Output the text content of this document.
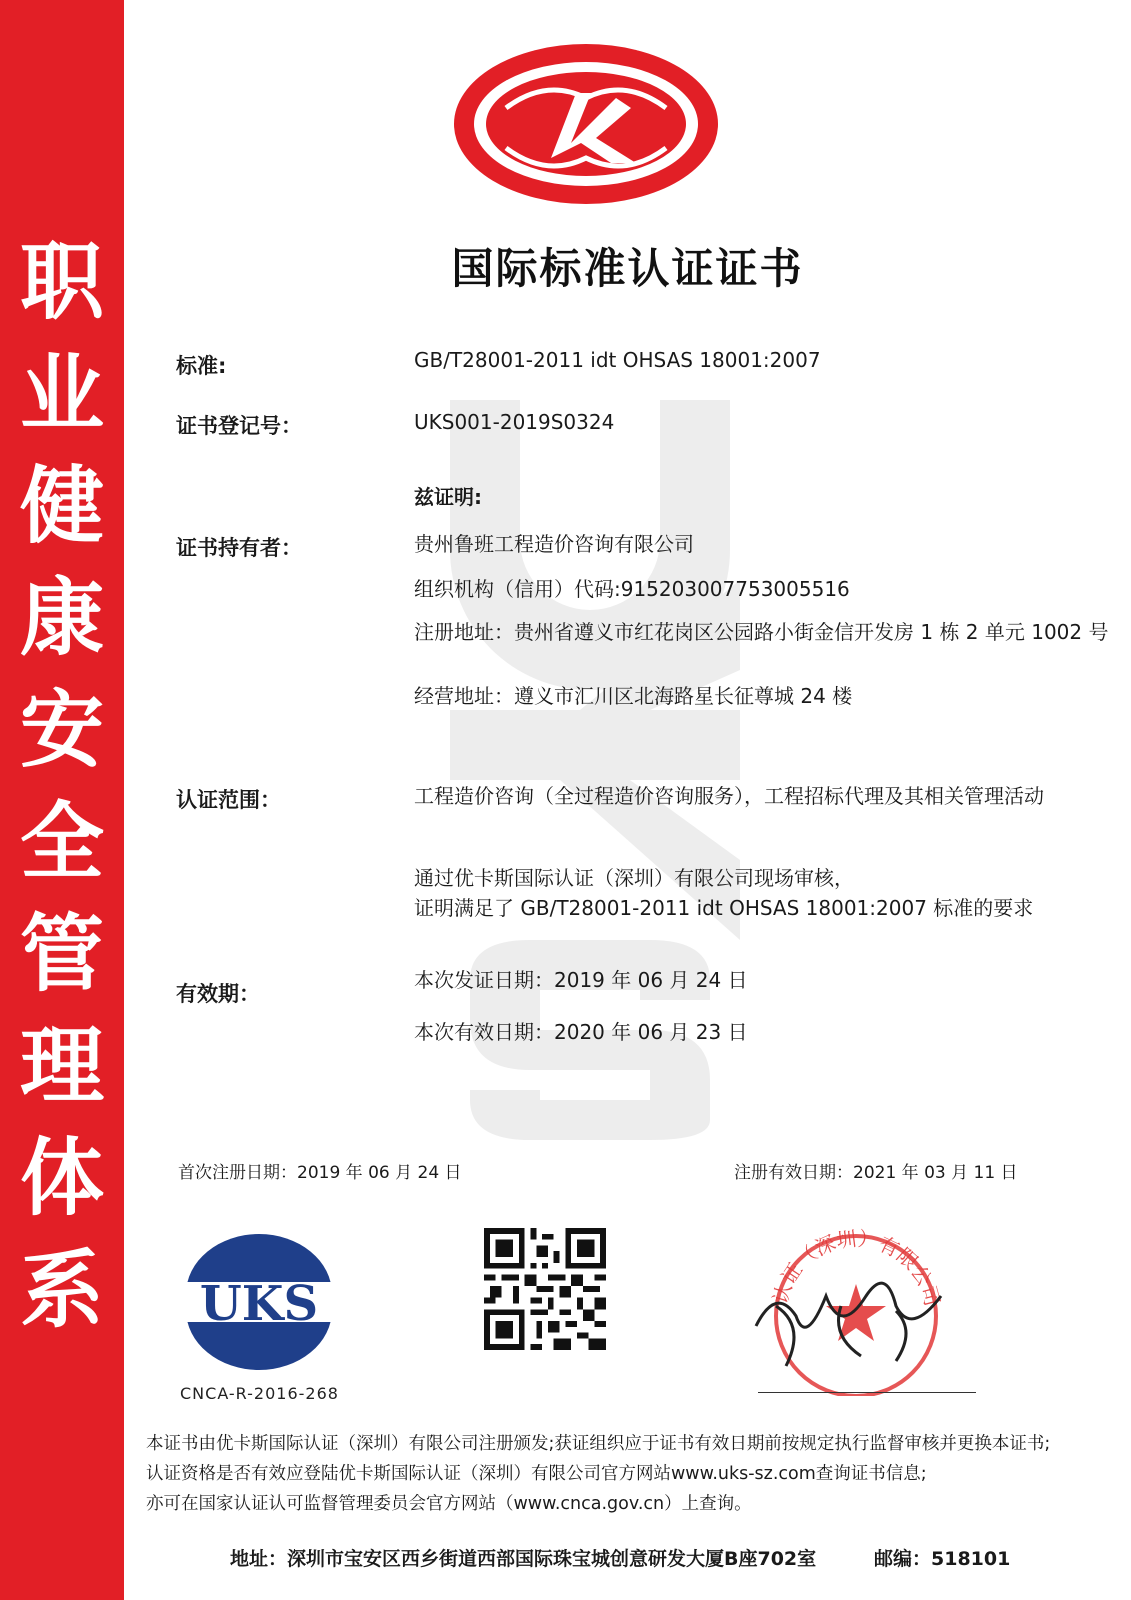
职
业
健
康
安
全
管
理
体
系
国际标准认证证书
标准:	GB/T28001-2011 idt OHSAS 18001:2007
证书登记号：	UKS001-2019S0324
兹证明:
证书持有者：	贵州鲁班工程造价咨询有限公司
组织机构（信用）代码:915203007753005516
注册地址：贵州省遵义市红花岗区公园路小街金信开发房 1 栋 2 单元 1002 号
经营地址：遵义市汇川区北海路星长征尊城 24 楼
认证范围：	工程造价咨询（全过程造价咨询服务），工程招标代理及其相关管理活动
通过优卡斯国际认证（深圳）有限公司现场审核，
证明满足了 GB/T28001-2011 idt OHSAS 18001:2007 标准的要求
有效期：
本次发证日期：2019 年 06 月 24 日
本次有效日期：2020 年 06 月 23 日
首次注册日期：2019 年 06 月 24 日	注册有效日期：2021 年 03 月 11 日
UKS
CNCA-R-2016-268
认证（深圳）有限公司
本证书由优卡斯国际认证（深圳）有限公司注册颁发;获证组织应于证书有效日期前按规定执行监督审核并更换本证书;
认证资格是否有效应登陆优卡斯国际认证（深圳）有限公司官方网站www.uks-sz.com查询证书信息;
亦可在国家认证认可监督管理委员会官方网站（www.cnca.gov.cn）上查询。
地址：深圳市宝安区西乡街道西部国际珠宝城创意研发大厦B座702室	邮编：518101
